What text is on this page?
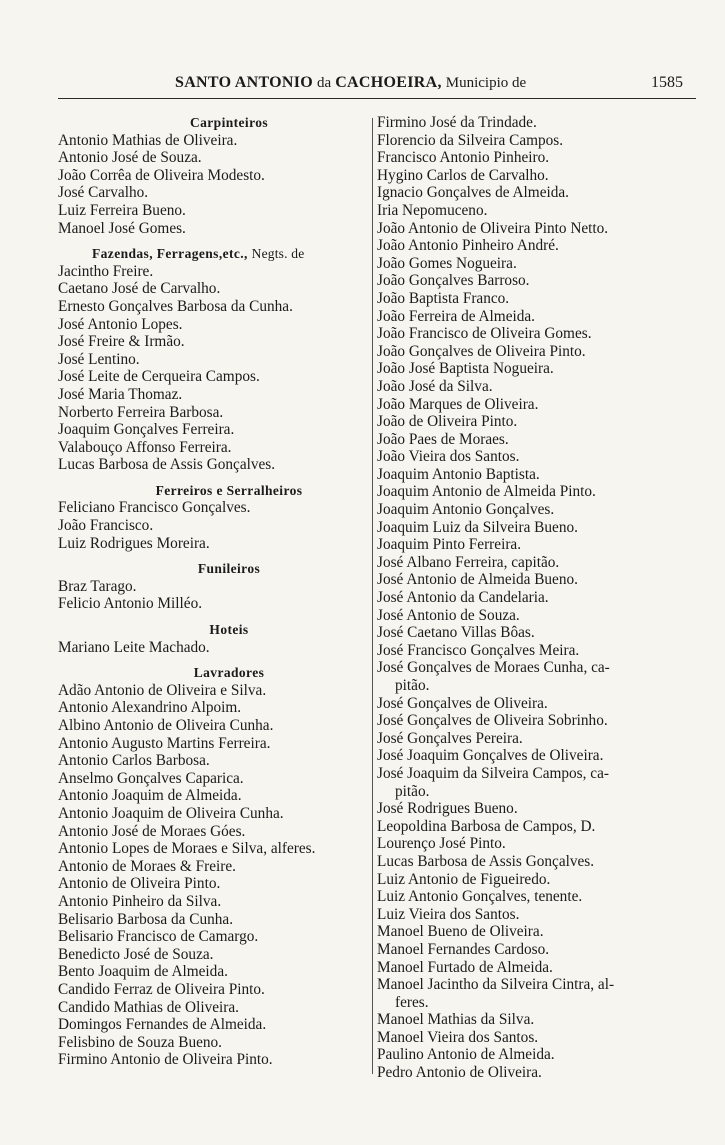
SANTO ANTONIO da CACHOEIRA, Municipio de	1585
Carpinteiros
Antonio Mathias de Oliveira.
Antonio José de Souza.
João Corrêa de Oliveira Modesto.
José Carvalho.
Luiz Ferreira Bueno.
Manoel José Gomes.
Fazendas, Ferragens,etc., Negts. de
Jacintho Freire.
Caetano José de Carvalho.
Ernesto Gonçalves Barbosa da Cunha.
José Antonio Lopes.
José Freire & Irmão.
José Lentino.
José Leite de Cerqueira Campos.
José Maria Thomaz.
Norberto Ferreira Barbosa.
Joaquim Gonçalves Ferreira.
Valabouço Affonso Ferreira.
Lucas Barbosa de Assis Gonçalves.
Ferreiros e Serralheiros
Feliciano Francisco Gonçalves.
João Francisco.
Luiz Rodrigues Moreira.
Funileiros
Braz Tarago.
Felicio Antonio Milléo.
Hoteis
Mariano Leite Machado.
Lavradores
Adão Antonio de Oliveira e Silva.
Antonio Alexandrino Alpoim.
Albino Antonio de Oliveira Cunha.
Antonio Augusto Martins Ferreira.
Antonio Carlos Barbosa.
Anselmo Gonçalves Caparica.
Antonio Joaquim de Almeida.
Antonio Joaquim de Oliveira Cunha.
Antonio José de Moraes Góes.
Antonio Lopes de Moraes e Silva, alferes.
Antonio de Moraes & Freire.
Antonio de Oliveira Pinto.
Antonio Pinheiro da Silva.
Belisario Barbosa da Cunha.
Belisario Francisco de Camargo.
Benedicto José de Souza.
Bento Joaquim de Almeida.
Candido Ferraz de Oliveira Pinto.
Candido Mathias de Oliveira.
Domingos Fernandes de Almeida.
Felisbino de Souza Bueno.
Firmino Antonio de Oliveira Pinto.
Firmino José da Trindade.
Florencio da Silveira Campos.
Francisco Antonio Pinheiro.
Hygino Carlos de Carvalho.
Ignacio Gonçalves de Almeida.
Iria Nepomuceno.
João Antonio de Oliveira Pinto Netto.
João Antonio Pinheiro André.
João Gomes Nogueira.
João Gonçalves Barroso.
João Baptista Franco.
João Ferreira de Almeida.
João Francisco de Oliveira Gomes.
João Gonçalves de Oliveira Pinto.
João José Baptista Nogueira.
João José da Silva.
João Marques de Oliveira.
João de Oliveira Pinto.
João Paes de Moraes.
João Vieira dos Santos.
Joaquim Antonio Baptista.
Joaquim Antonio de Almeida Pinto.
Joaquim Antonio Gonçalves.
Joaquim Luiz da Silveira Bueno.
Joaquim Pinto Ferreira.
José Albano Ferreira, capitão.
José Antonio de Almeida Bueno.
José Antonio da Candelaria.
José Antonio de Souza.
José Caetano Villas Bôas.
José Francisco Gonçalves Meira.
José Gonçalves de Moraes Cunha, ca-
pitão.
José Gonçalves de Oliveira.
José Gonçalves de Oliveira Sobrinho.
José Gonçalves Pereira.
José Joaquim Gonçalves de Oliveira.
José Joaquim da Silveira Campos, ca-
pitão.
José Rodrigues Bueno.
Leopoldina Barbosa de Campos, D.
Lourenço José Pinto.
Lucas Barbosa de Assis Gonçalves.
Luiz Antonio de Figueiredo.
Luiz Antonio Gonçalves, tenente.
Luiz Vieira dos Santos.
Manoel Bueno de Oliveira.
Manoel Fernandes Cardoso.
Manoel Furtado de Almeida.
Manoel Jacintho da Silveira Cintra, al-
feres.
Manoel Mathias da Silva.
Manoel Vieira dos Santos.
Paulino Antonio de Almeida.
Pedro Antonio de Oliveira.
